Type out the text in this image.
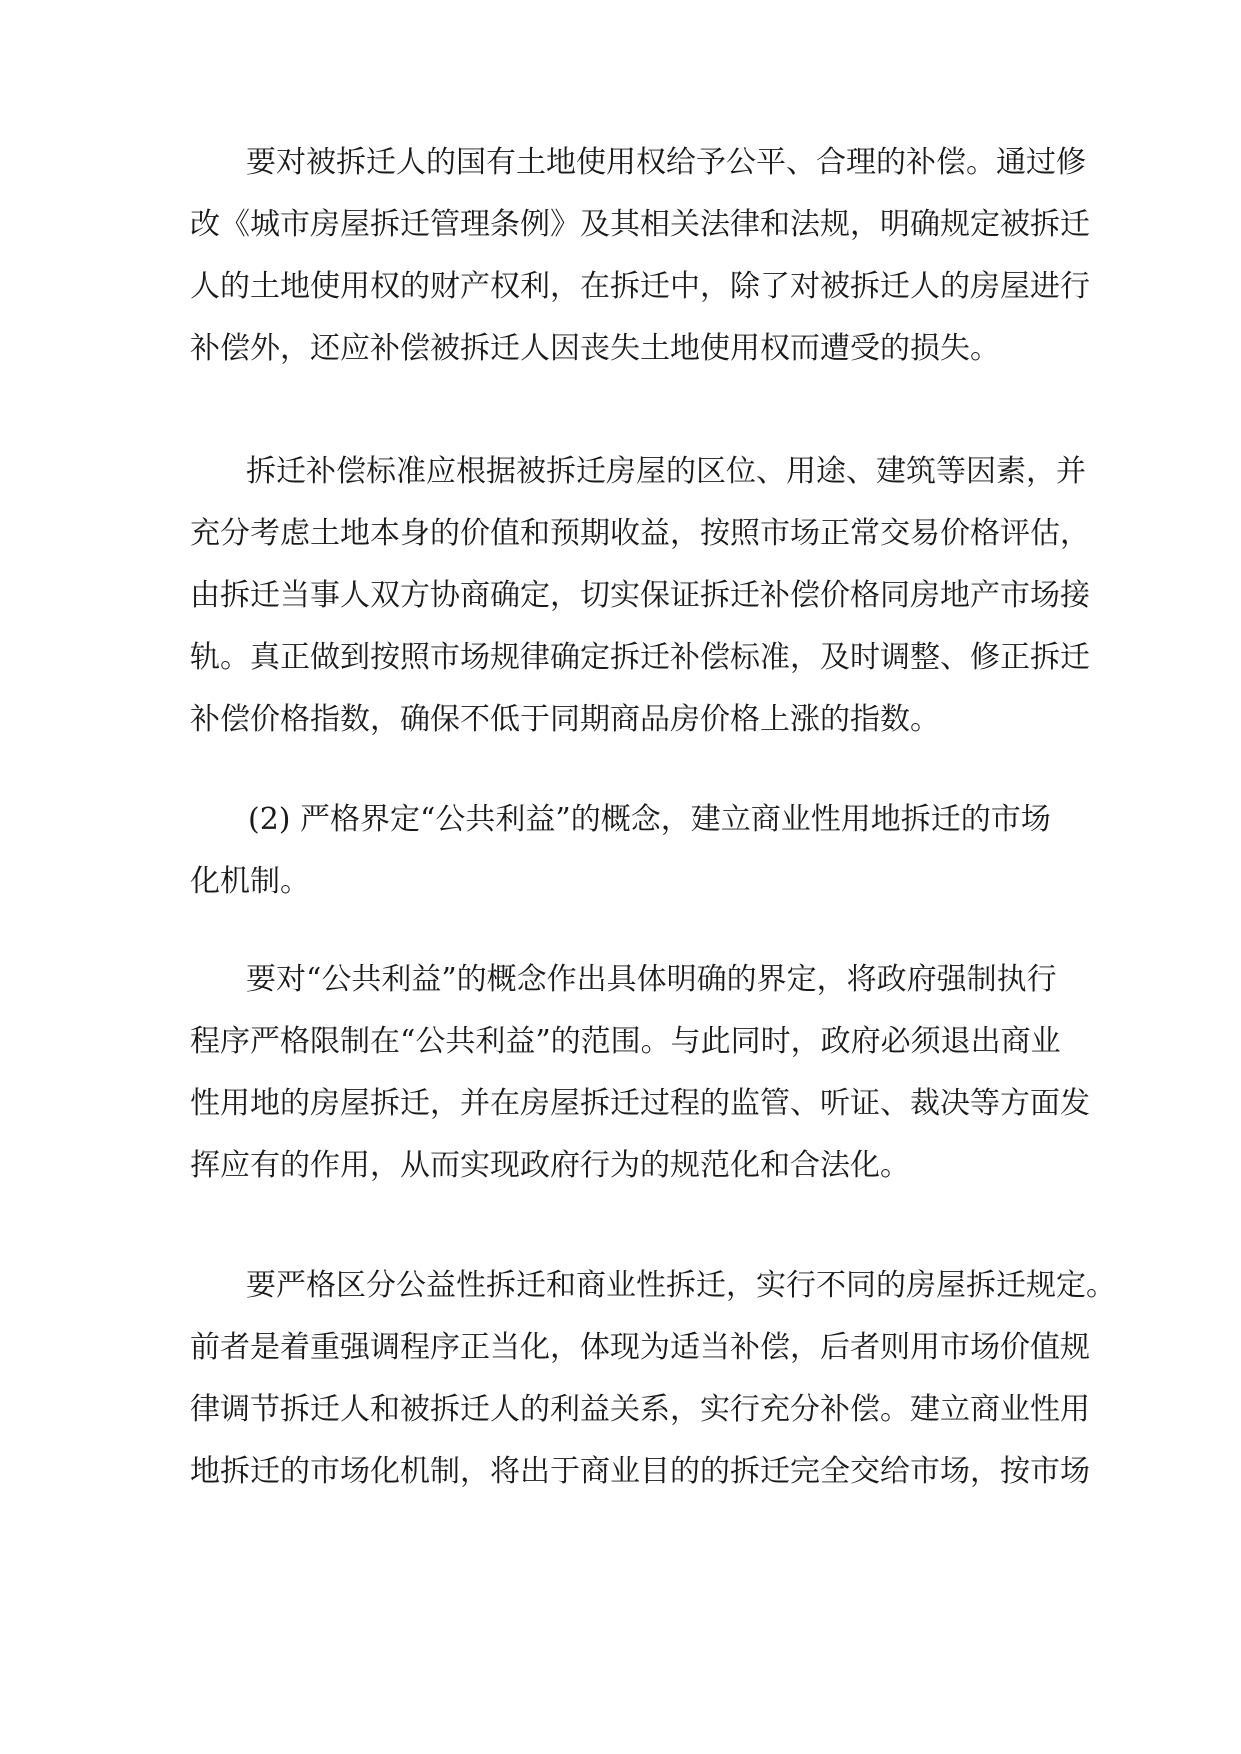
要对被拆迁人的国有土地使用权给予公平、合理的补偿。通过修
改《城市房屋拆迁管理条例》及其相关法律和法规，明确规定被拆迁
人的土地使用权的财产权利，在拆迁中，除了对被拆迁人的房屋进行
补偿外，还应补偿被拆迁人因丧失土地使用权而遭受的损失。
拆迁补偿标准应根据被拆迁房屋的区位、用途、建筑等因素，并
充分考虑土地本身的价值和预期收益，按照市场正常交易价格评估，
由拆迁当事人双方协商确定，切实保证拆迁补偿价格同房地产市场接
轨。真正做到按照市场规律确定拆迁补偿标准，及时调整、修正拆迁
补偿价格指数，确保不低于同期商品房价格上涨的指数。
(2) 严格界定“公共利益”的概念，建立商业性用地拆迁的市场
化机制。
要对“公共利益”的概念作出具体明确的界定，将政府强制执行
程序严格限制在“公共利益”的范围。与此同时，政府必须退出商业
性用地的房屋拆迁，并在房屋拆迁过程的监管、听证、裁决等方面发
挥应有的作用，从而实现政府行为的规范化和合法化。
要严格区分公益性拆迁和商业性拆迁，实行不同的房屋拆迁规定。
前者是着重强调程序正当化，体现为适当补偿，后者则用市场价值规
律调节拆迁人和被拆迁人的利益关系，实行充分补偿。建立商业性用
地拆迁的市场化机制，将出于商业目的的拆迁完全交给市场，按市场
